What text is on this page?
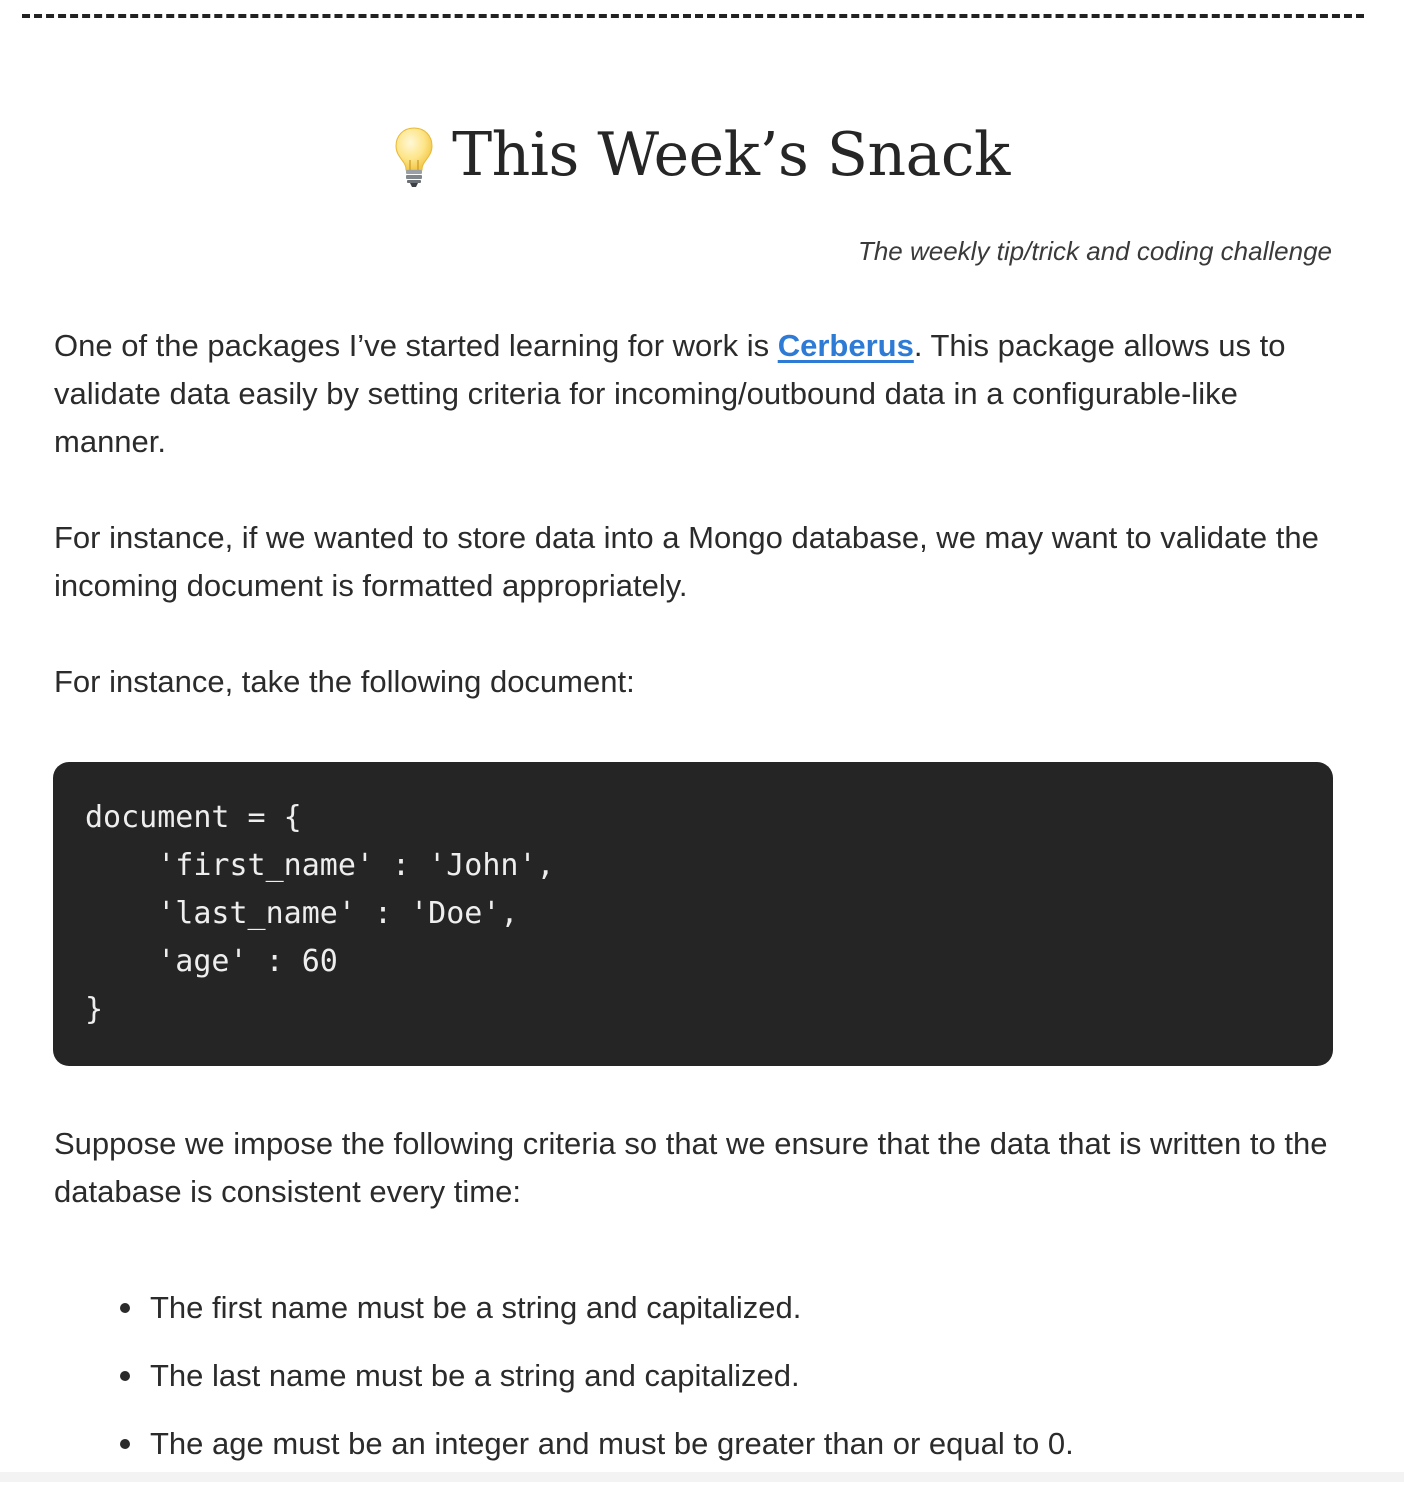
This Week’s Snack

The weekly tip/trick and coding challenge

One of the packages I’ve started learning for work is Cerberus. This package allows us to validate data easily by setting criteria for incoming/outbound data in a configurable-like manner.

For instance, if we wanted to store data into a Mongo database, we may want to validate the incoming document is formatted appropriately.

For instance, take the following document:

document = {

'first_name' : 'John',

'last_name' : 'Doe',

'age' : 60

}

Suppose we impose the following criteria so that we ensure that the data that is written to the database is consistent every time:

The first name must be a string and capitalized.
The last name must be a string and capitalized.
The age must be an integer and must be greater than or equal to 0.
